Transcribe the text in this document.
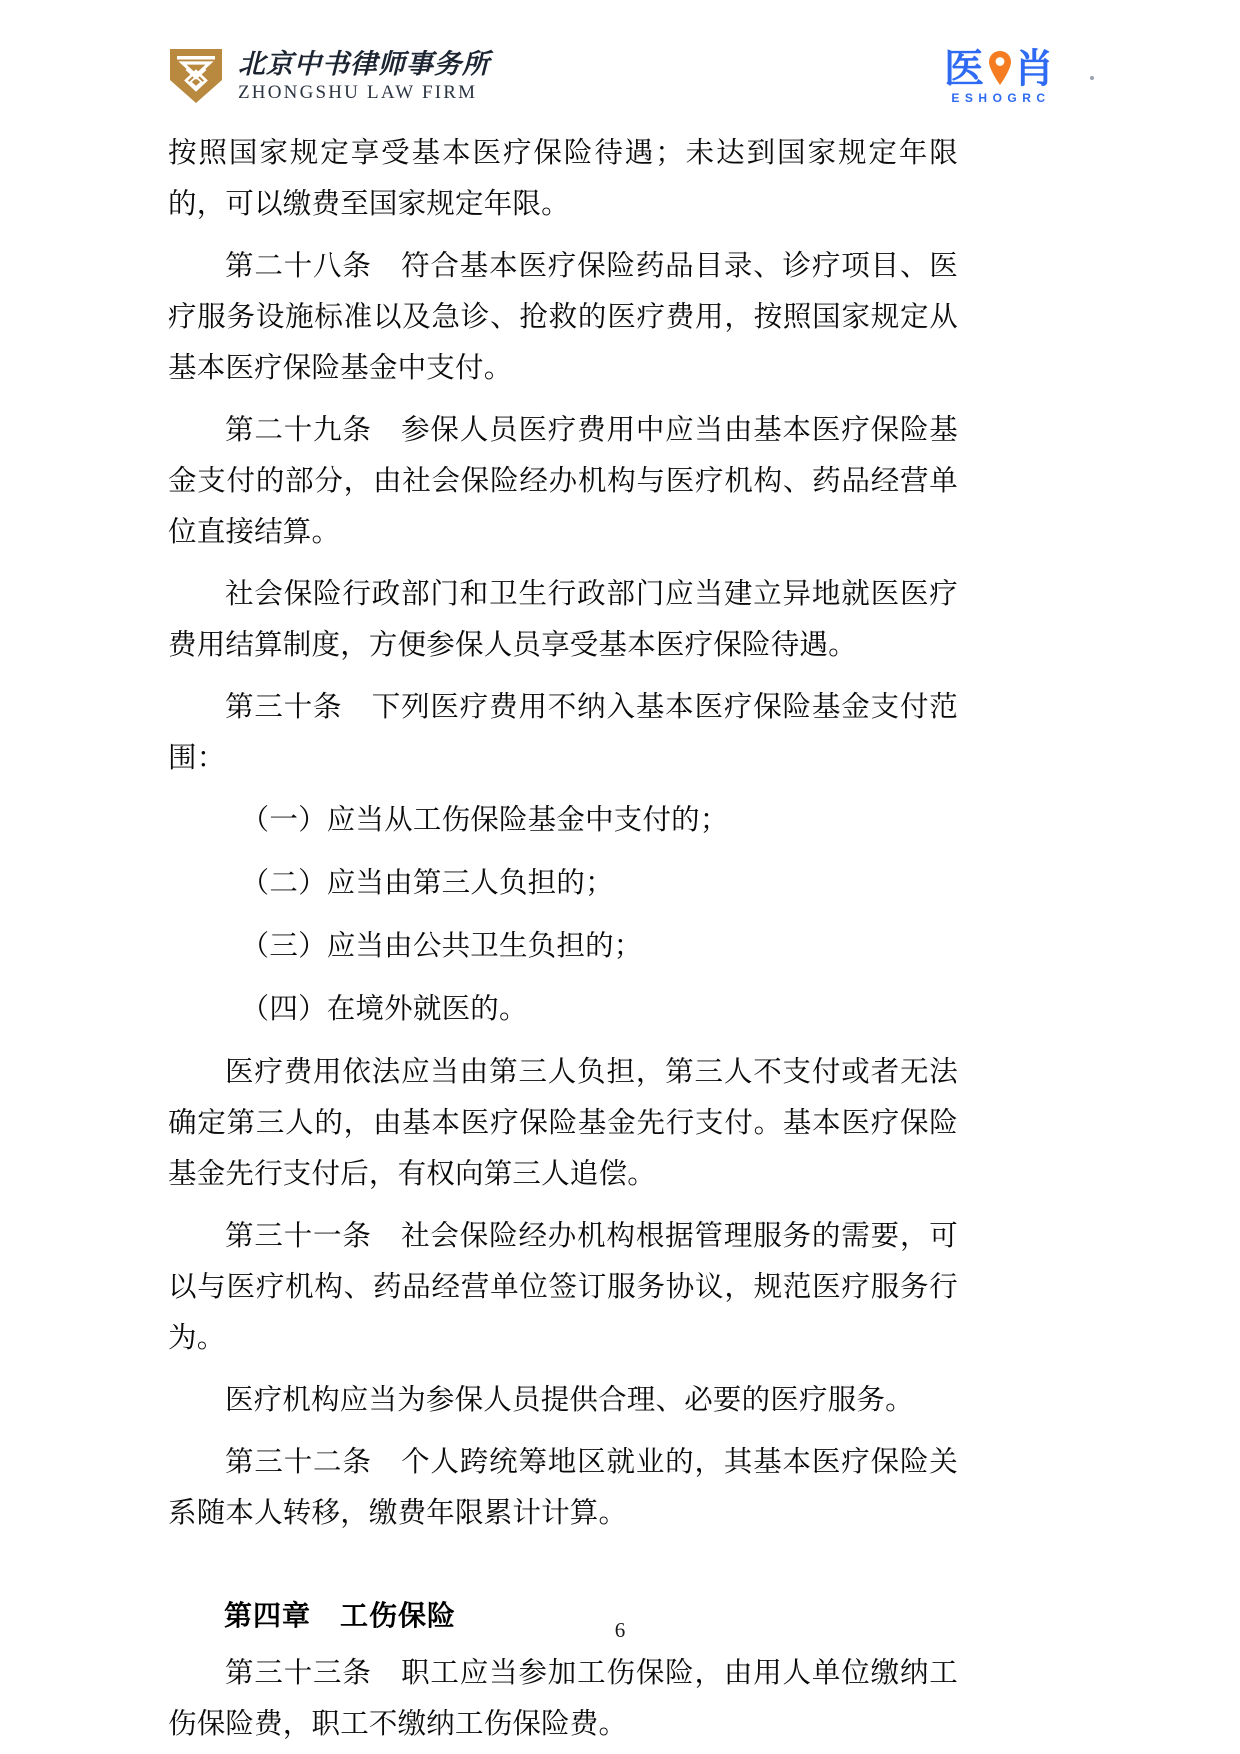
北京中书律师事务所
ZHONGSHU LAW FIRM
医 肖
ESHOGRC

按照国家规定享受基本医疗保险待遇；未达到国家规定年限的，可以缴费至国家规定年限。

第二十八条　符合基本医疗保险药品目录、诊疗项目、医疗服务设施标准以及急诊、抢救的医疗费用，按照国家规定从基本医疗保险基金中支付。

第二十九条　参保人员医疗费用中应当由基本医疗保险基金支付的部分，由社会保险经办机构与医疗机构、药品经营单位直接结算。

社会保险行政部门和卫生行政部门应当建立异地就医医疗费用结算制度，方便参保人员享受基本医疗保险待遇。

第三十条　下列医疗费用不纳入基本医疗保险基金支付范围：

（一）应当从工伤保险基金中支付的；

（二）应当由第三人负担的；

（三）应当由公共卫生负担的；

（四）在境外就医的。

医疗费用依法应当由第三人负担，第三人不支付或者无法确定第三人的，由基本医疗保险基金先行支付。基本医疗保险基金先行支付后，有权向第三人追偿。

第三十一条　社会保险经办机构根据管理服务的需要，可以与医疗机构、药品经营单位签订服务协议，规范医疗服务行为。

医疗机构应当为参保人员提供合理、必要的医疗服务。

第三十二条　个人跨统筹地区就业的，其基本医疗保险关系随本人转移，缴费年限累计计算。

第四章　工伤保险

第三十三条　职工应当参加工伤保险，由用人单位缴纳工伤保险费，职工不缴纳工伤保险费。

6
